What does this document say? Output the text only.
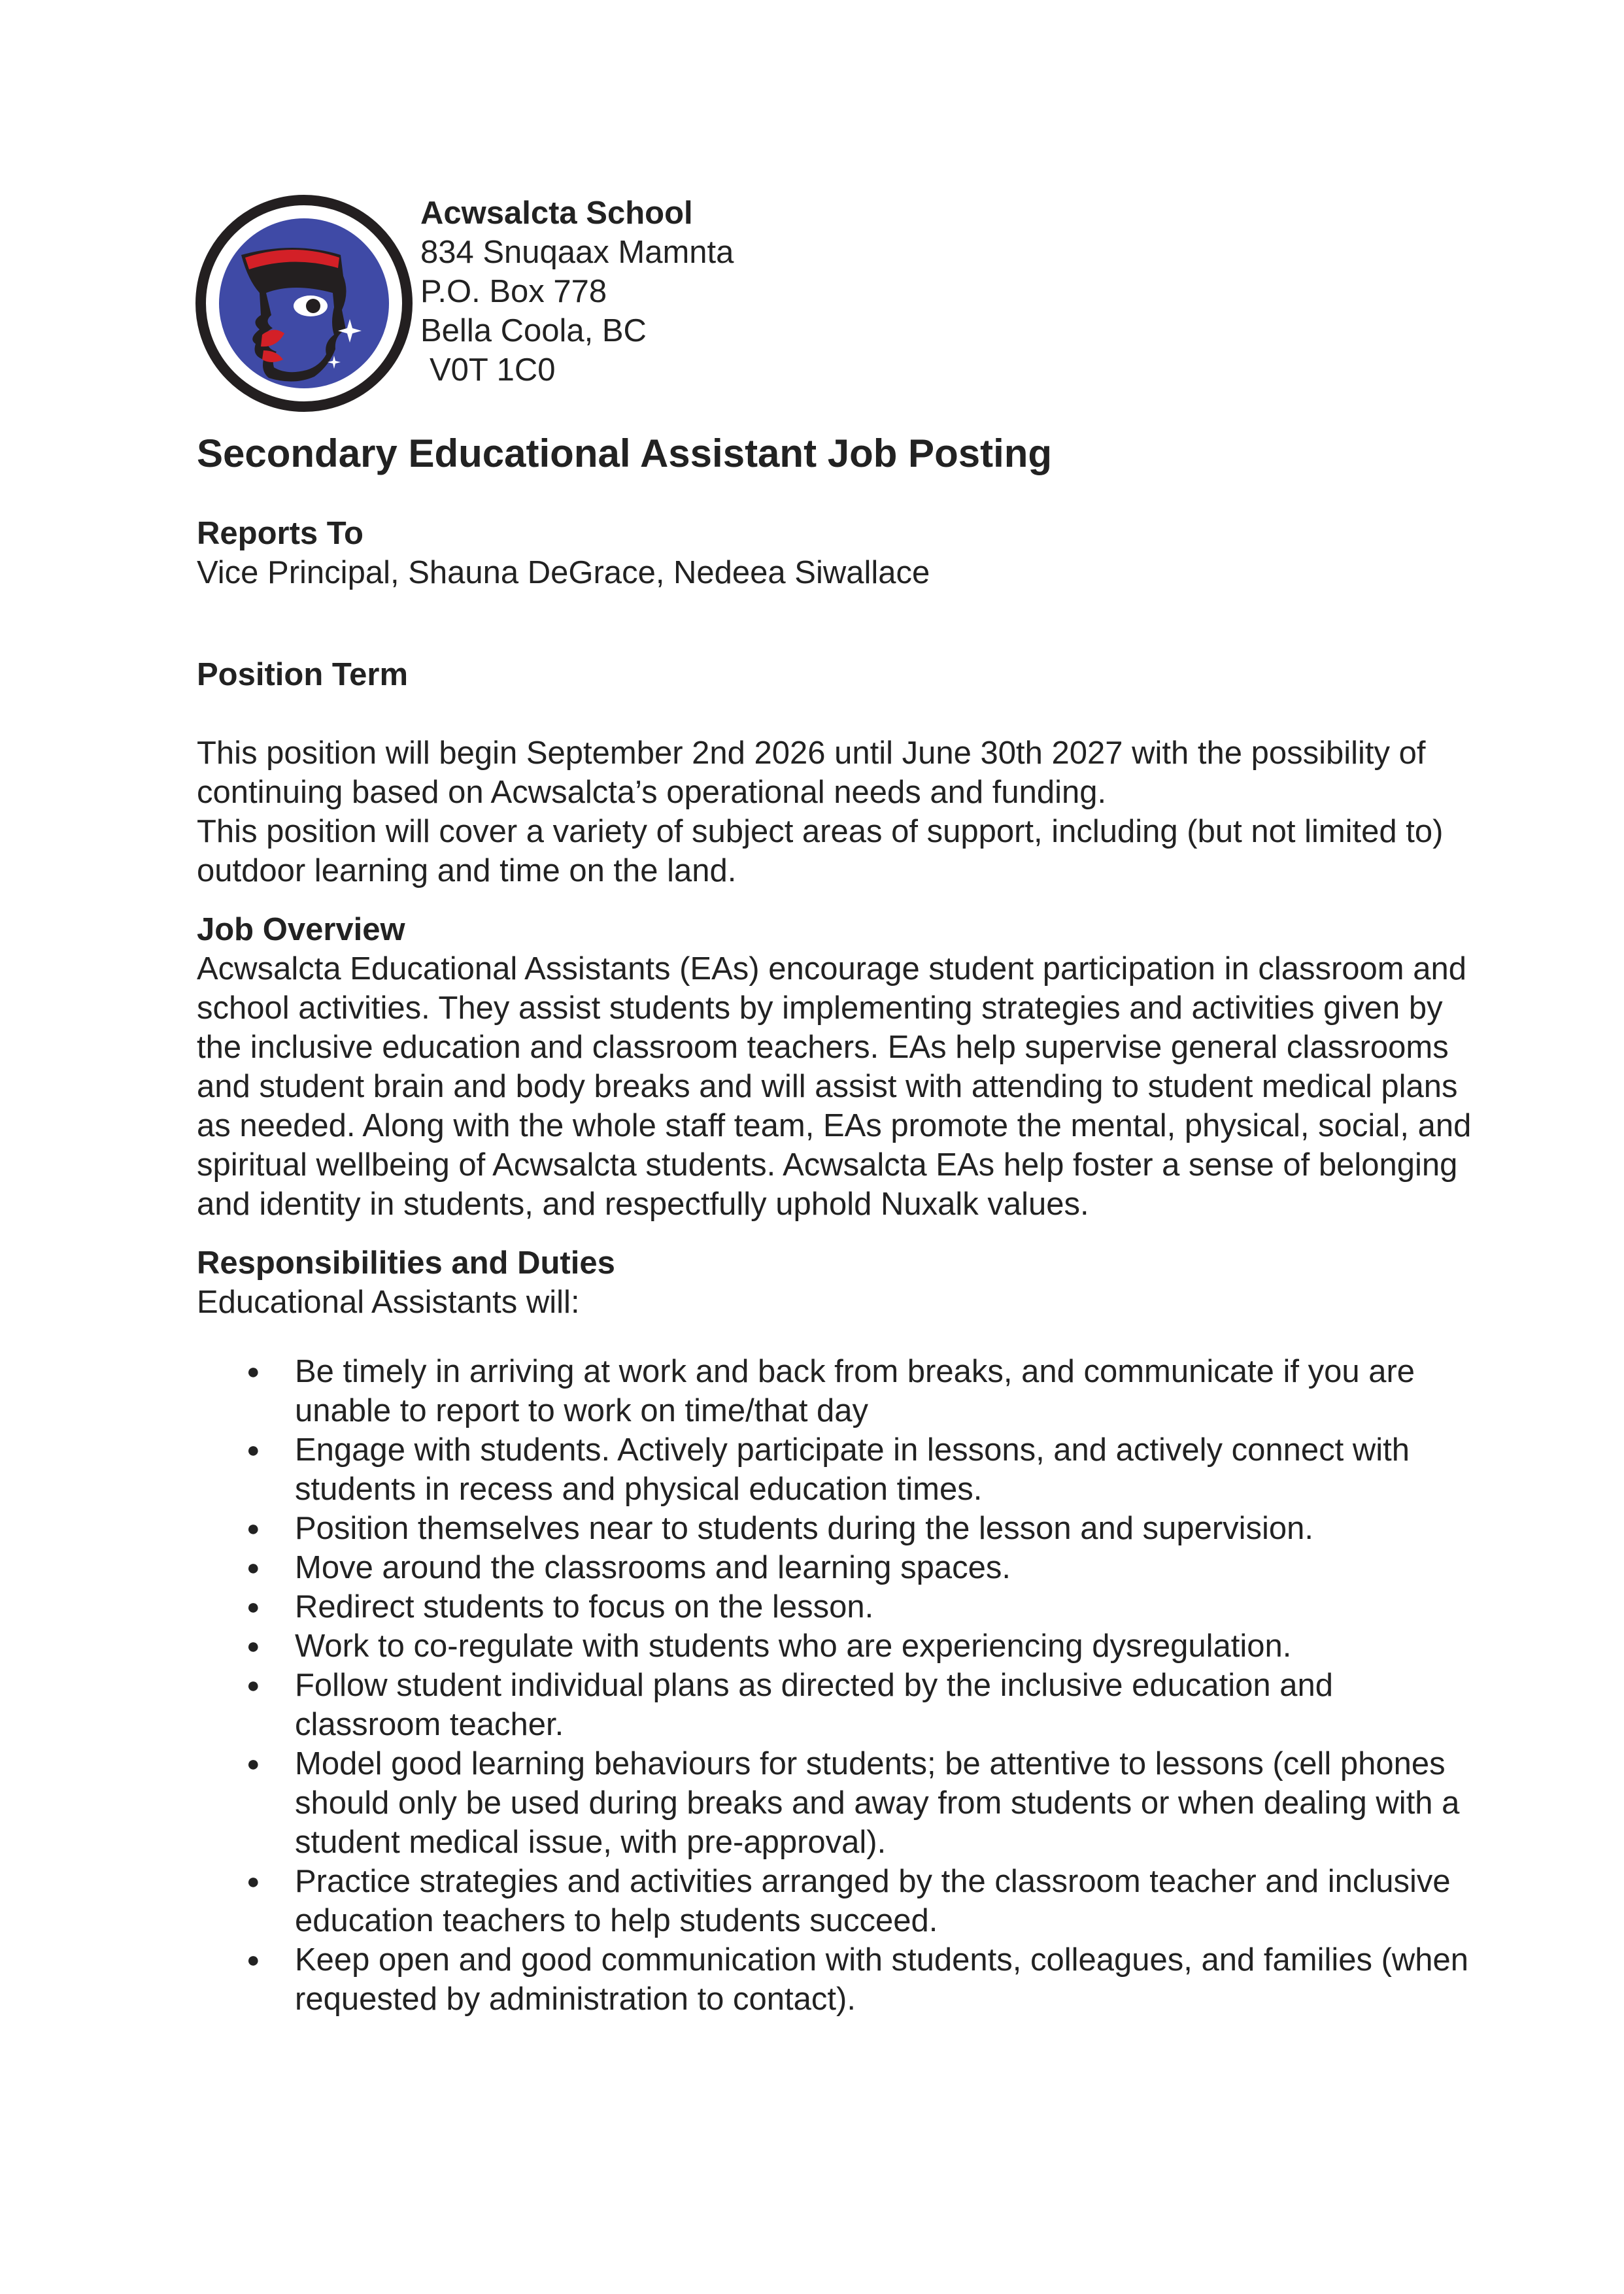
Acwsalcta School
834 Snuqaax Mamnta
P.O. Box 778
Bella Coola, BC
V0T 1C0
Secondary Educational Assistant Job Posting

Reports To

Vice Principal, Shauna DeGrace, Nedeea Siwallace

Position Term

This position will begin September 2nd 2026 until June 30th 2027 with the possibility of continuing based on Acwsalcta’s operational needs and funding.

This position will cover a variety of subject areas of support, including (but not limited to) outdoor learning and time on the land.

Job Overview

Acwsalcta Educational Assistants (EAs) encourage student participation in classroom and school activities. They assist students by implementing strategies and activities given by the inclusive education and classroom teachers. EAs help supervise general classrooms and student brain and body breaks and will assist with attending to student medical plans as needed. Along with the whole staff team, EAs promote the mental, physical, social, and spiritual wellbeing of Acwsalcta students. Acwsalcta EAs help foster a sense of belonging and identity in students, and respectfully uphold Nuxalk values.

Responsibilities and Duties

Educational Assistants will:

● Be timely in arriving at work and back from breaks, and communicate if you are unable to report to work on time/that day
● Engage with students. Actively participate in lessons, and actively connect with students in recess and physical education times.
● Position themselves near to students during the lesson and supervision.
● Move around the classrooms and learning spaces.
● Redirect students to focus on the lesson.
● Work to co-regulate with students who are experiencing dysregulation.
● Follow student individual plans as directed by the inclusive education and classroom teacher.
● Model good learning behaviours for students; be attentive to lessons (cell phones should only be used during breaks and away from students or when dealing with a student medical issue, with pre-approval).
● Practice strategies and activities arranged by the classroom teacher and inclusive education teachers to help students succeed.
● Keep open and good communication with students, colleagues, and families (when requested by administration to contact).
